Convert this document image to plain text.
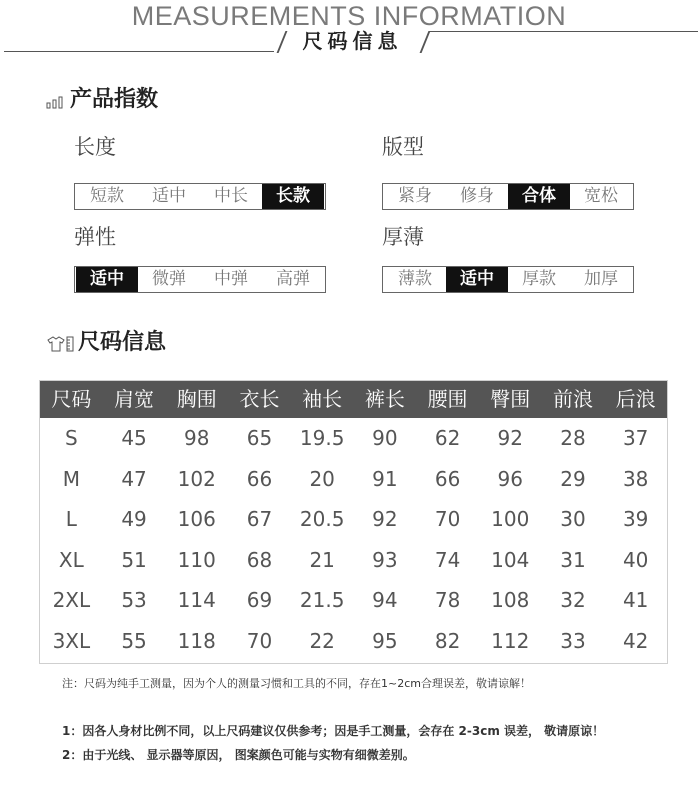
MEASUREMENTS INFORMATION
尺码信息
产品指数
长度	版型
短款	适中	中长	长款	紧身	修身	合体	宽松
弹性	厚薄
适中	微弹	中弹	高弹	薄款	适中	厚款	加厚
尺码信息
尺码	肩宽	胸围	衣长	袖长	裤长	腰围	臀围	前浪	后浪
S	45	98	65	19.5	90	62	92	28	37
M	47	102	66	20	91	66	96	29	38
L	49	106	67	20.5	92	70	100	30	39
XL	51	110	68	21	93	74	104	31	40
2XL	53	114	69	21.5	94	78	108	32	41
3XL	55	118	70	22	95	82	112	33	42
注：尺码为纯手工测量，因为个人的测量习惯和工具的不同，存在1~2cm合理误差，敬请谅解！
1：因各人身材比例不同，以上尺码建议仅供参考；因是手工测量，会存在 2-3cm 误差， 敬请原谅！
2：由于光线、 显示器等原因， 图案颜色可能与实物有细微差别。
